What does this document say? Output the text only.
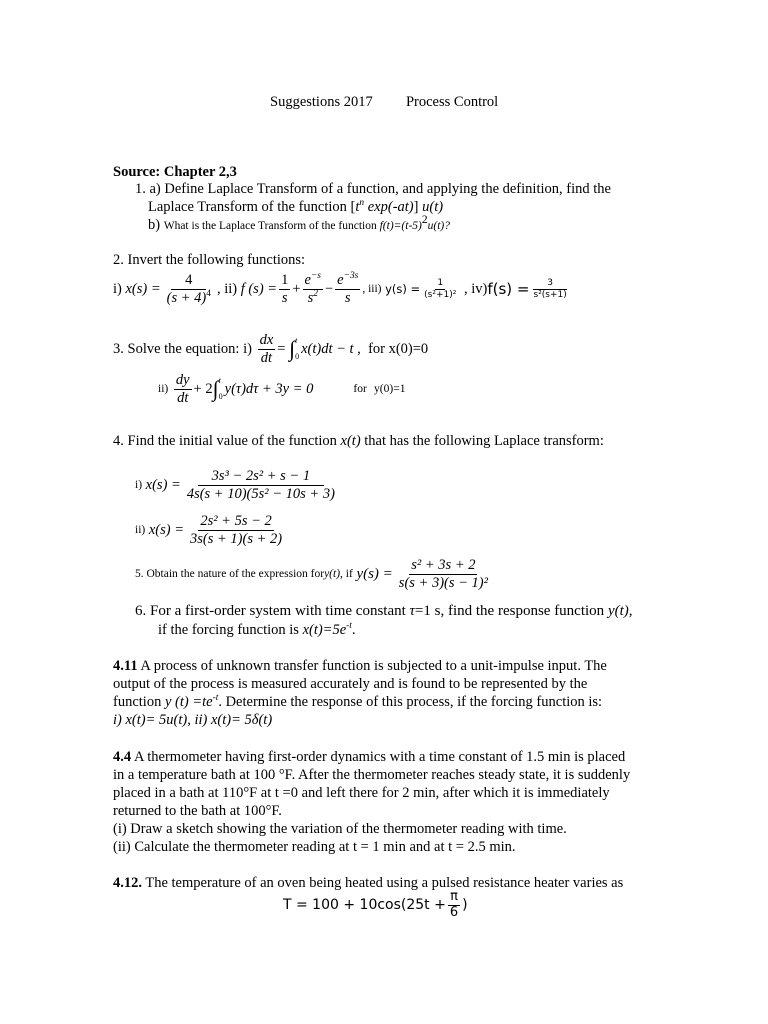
Suggestions 2017 Process Control
Source: Chapter 2,3
1. a) Define Laplace Transform of a function, and applying the definition, find the
Laplace Transform of the function [$t^n$ exp(-at)] u(t)
b) What is the Laplace Transform of the function $f(t)=(t-5)^2u(t)$?
2. Invert the following functions:
i)
$x(s) = \frac{4}{(s + 4)^4}$ , ii)
f $(s) = \frac{1}{s} + \frac{e^{-s}}{s^2} - \frac{e^{-3s}}{s}$ , iii)
$y(s) = \frac{1}{\text{(s²+1)²}}$
, iv) $f(s) = \frac{3}{\text{s²(s+1)}}$
3. Solve the equation: i)
$\frac{dx}{dt}$ =
∫ t
0 x(t)dt − t ,
for x(0)=0
ii)
$\frac{dy}{dt} + 2$ ∫ t
0 y(τ)dτ + 3y = 0	for
y(0)=1
4. Find the initial value of the function x(t) that has the following Laplace transform:
i)
$x(s) = \frac{\text{3s³ − 2s² + s − 1}}{\text{4s(s + 10)(5s² − 10s + 3)}}$
ii)
$x(s) = \frac{\text{2s² + 5s − 2}}{3s(s + 1)(s + 2)}$
5. Obtain the nature of the expression for y(t) , if
$y(s) = \frac{\text{s² + 3s + 2}}{\text{s(s + 3)(s − 1)²}}$
6. For a first-order system with time constant τ=1 s, find the response function y(t),
if the forcing function is $x(t)=5e^{-t}$.
4.11 A process of unknown transfer function is subjected to a unit-impulse input. The
output of the process is measured accurately and is found to be represented by the
function y $(t) =te^{-t}$. Determine the response of this process, if the forcing function is:
i) x(t)= 5u(t), ii) x(t)= 5δ(t)
4.4 A thermometer having first-order dynamics with a time constant of 1.5 min is placed
in a temperature bath at 100 °F. After the thermometer reaches steady state, it is suddenly
placed in a bath at 110°F at t =0 and left there for 2 min, after which it is immediately
returned to the bath at 100°F.
(i) Draw a sketch showing the variation of the thermometer reading with time.
(ii) Calculate the thermometer reading at t = 1 min and at t = 2.5 min.
4.12. The temperature of an oven being heated using a pulsed resistance heater varies as
$T = 100 + 10\cos(25t + \frac{\pi}{6}$ )
